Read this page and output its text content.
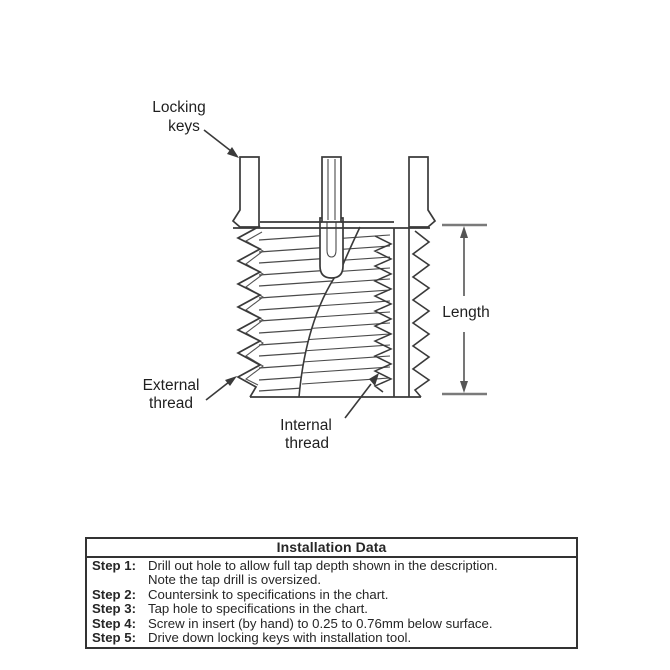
Length
Locking
keys
External
thread
Internal
thread
Installation Data
Step 1: Drill out hole to allow full tap depth shown in the description.
Note the tap drill is oversized.
Step 2: Countersink to specifications in the chart.
Step 3: Tap hole to specifications in the chart.
Step 4: Screw in insert (by hand) to 0.25 to 0.76mm below surface.
Step 5: Drive down locking keys with installation tool.
